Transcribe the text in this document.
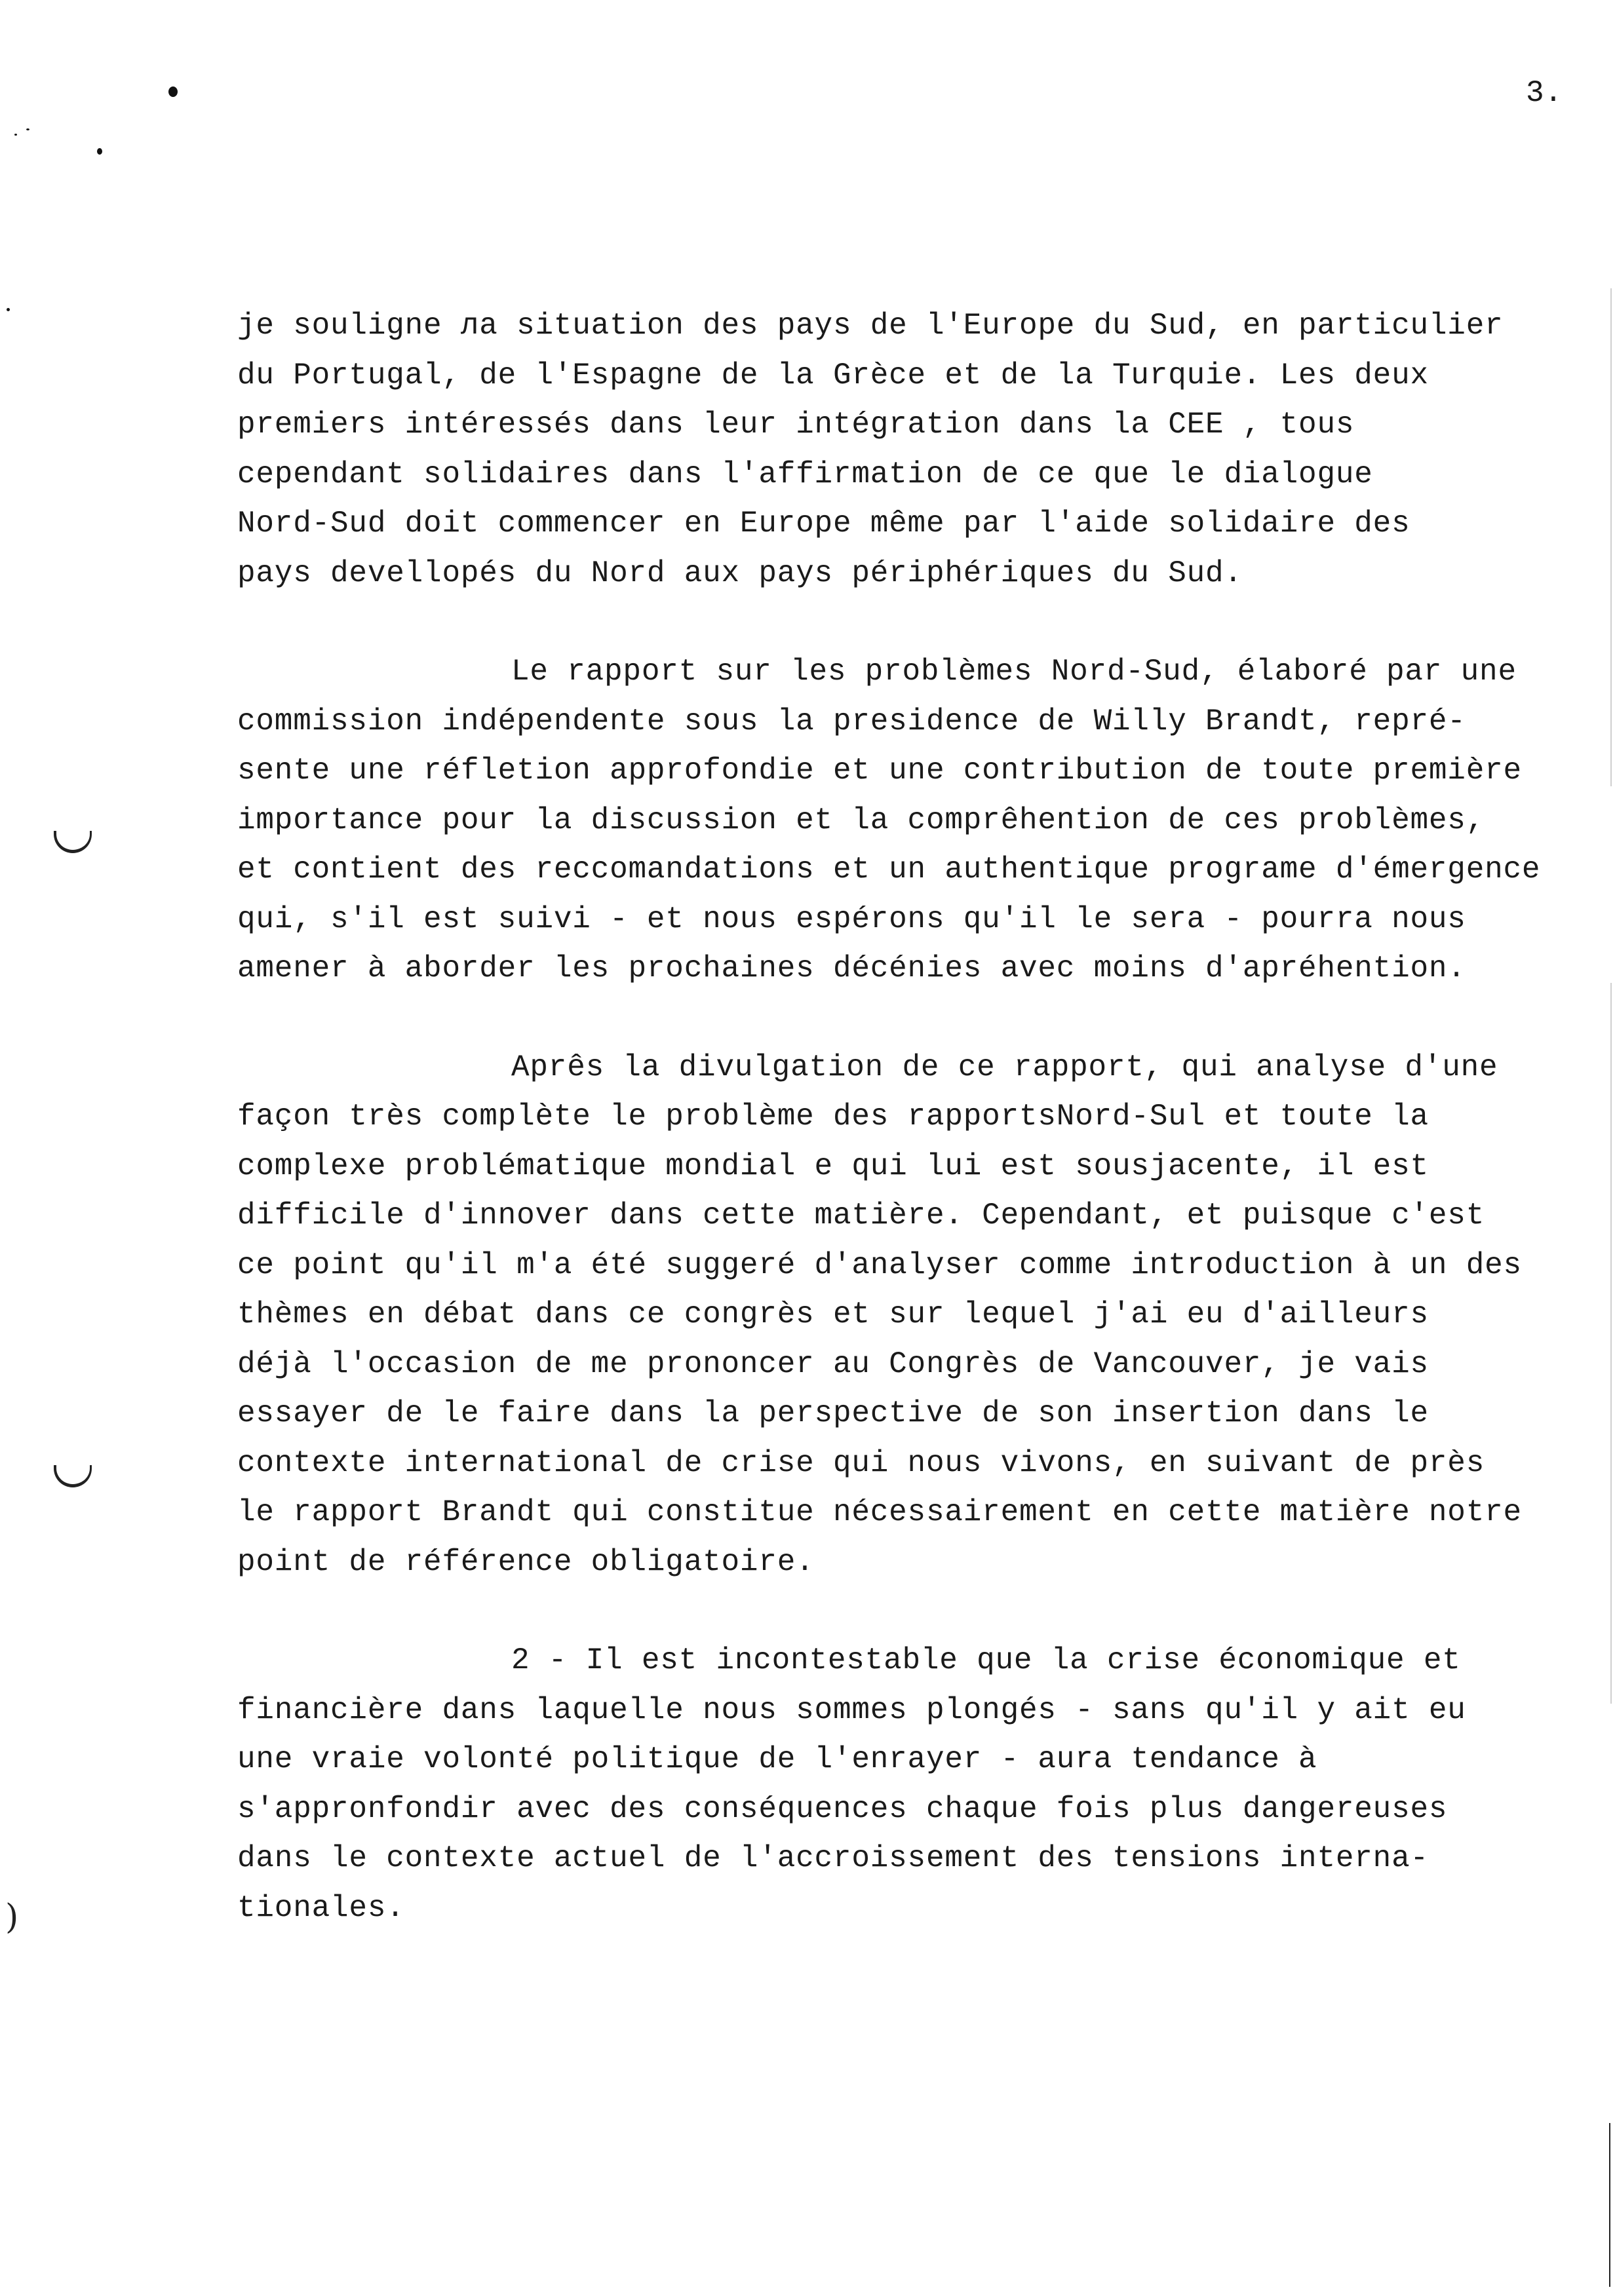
)
3.
je souligne ла situation des pays de l'Europe du Sud, en particulier
du Portugal, de l'Espagne de la Grèce et de la Turquie. Les deux
premiers intéressés dans leur intégration dans la CEE , tous
cependant solidaires dans l'affirmation de ce que le dialogue
Nord-Sud doit commencer en Europe même par l'aide solidaire des
pays devellopés du Nord aux pays périphériques du Sud.
Le rapport sur les problèmes Nord-Sud, élaboré par une
commission indépendente sous la presidence de Willy Brandt, repré-
sente une réfletion approfondie et une contribution de toute première
importance pour la discussion et la comprêhention de ces problèmes,
et contient des reccomandations et un authentique programe d'émergence
qui, s'il est suivi - et nous espérons qu'il le sera - pourra nous
amener à aborder les prochaines décénies avec moins d'apréhention.
Aprês la divulgation de ce rapport, qui analyse d'une
façon très complète le problème des rapportsNord-Sul et toute la
complexe problématique mondial e qui lui est sousjacente, il est
difficile d'innover dans cette matière. Cependant, et puisque c'est
ce point qu'il m'a été suggeré d'analyser comme introduction à un des
thèmes en débat dans ce congrès et sur lequel j'ai eu d'ailleurs
déjà l'occasion de me prononcer au Congrès de Vancouver, je vais
essayer de le faire dans la perspective de son insertion dans le
contexte international de crise qui nous vivons, en suivant de près
le rapport Brandt qui constitue nécessairement en cette matière notre
point de référence obligatoire.
2 - Il est incontestable que la crise économique et
financière dans laquelle nous sommes plongés - sans qu'il y ait eu
une vraie volonté politique de l'enrayer - aura tendance à
s'appronfondir avec des conséquences chaque fois plus dangereuses
dans le contexte actuel de l'accroissement des tensions interna-
tionales.
